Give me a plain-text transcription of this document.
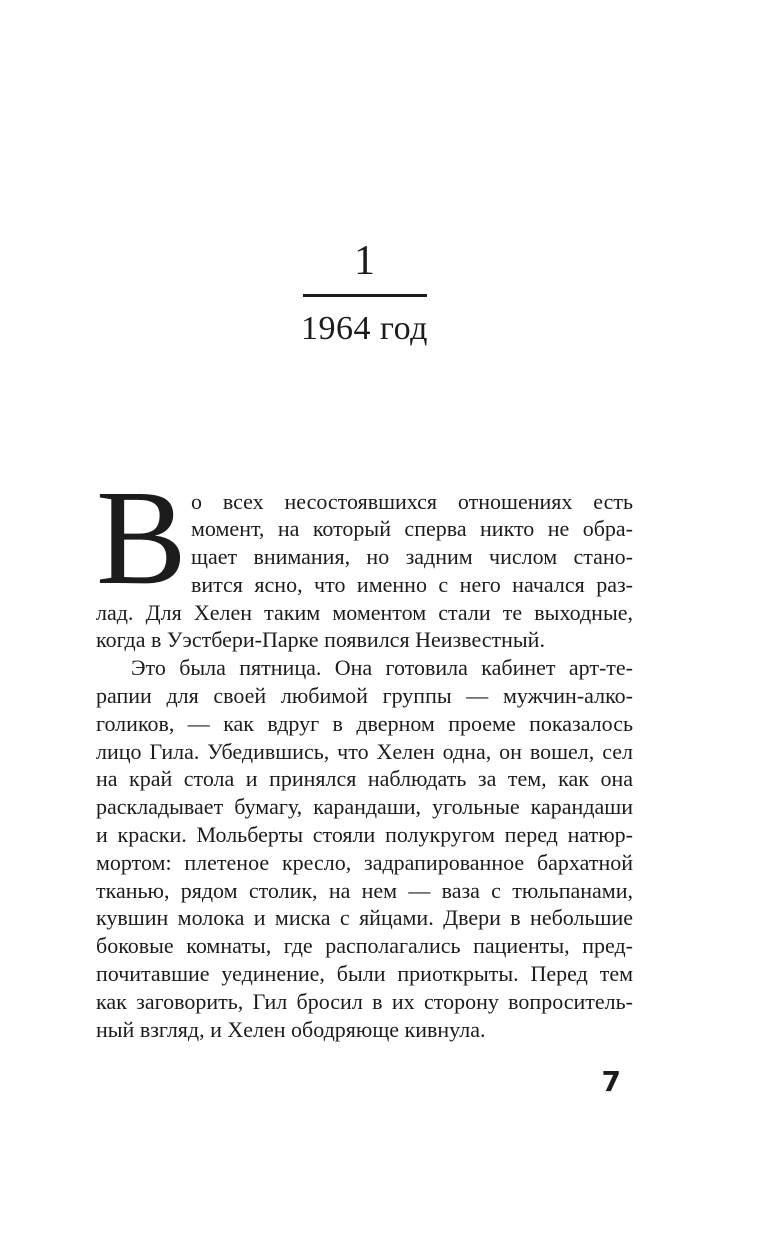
1
1964 год
В о всех несостоявшихся отношениях есть
момент, на который сперва никто не обра-
щает внимания, но задним числом стано-
вится ясно, что именно с него начался раз-
лад. Для Хелен таким моментом стали те выходные,
когда в Уэстбери-Парке появился Неизвестный.
Это была пятница. Она готовила кабинет арт-те-
рапии для своей любимой группы — мужчин-алко-
голиков, — как вдруг в дверном проеме показалось
лицо Гила. Убедившись, что Хелен одна, он вошел, сел
на край стола и принялся наблюдать за тем, как она
раскладывает бумагу, карандаши, угольные карандаши
и краски. Мольберты стояли полукругом перед натюр-
мортом: плетеное кресло, задрапированное бархатной
тканью, рядом столик, на нем — ваза с тюльпанами,
кувшин молока и миска с яйцами. Двери в небольшие
боковые комнаты, где располагались пациенты, пред-
почитавшие уединение, были приоткрыты. Перед тем
как заговорить, Гил бросил в их сторону вопроситель-
ный взгляд, и Хелен ободряюще кивнула.
7
